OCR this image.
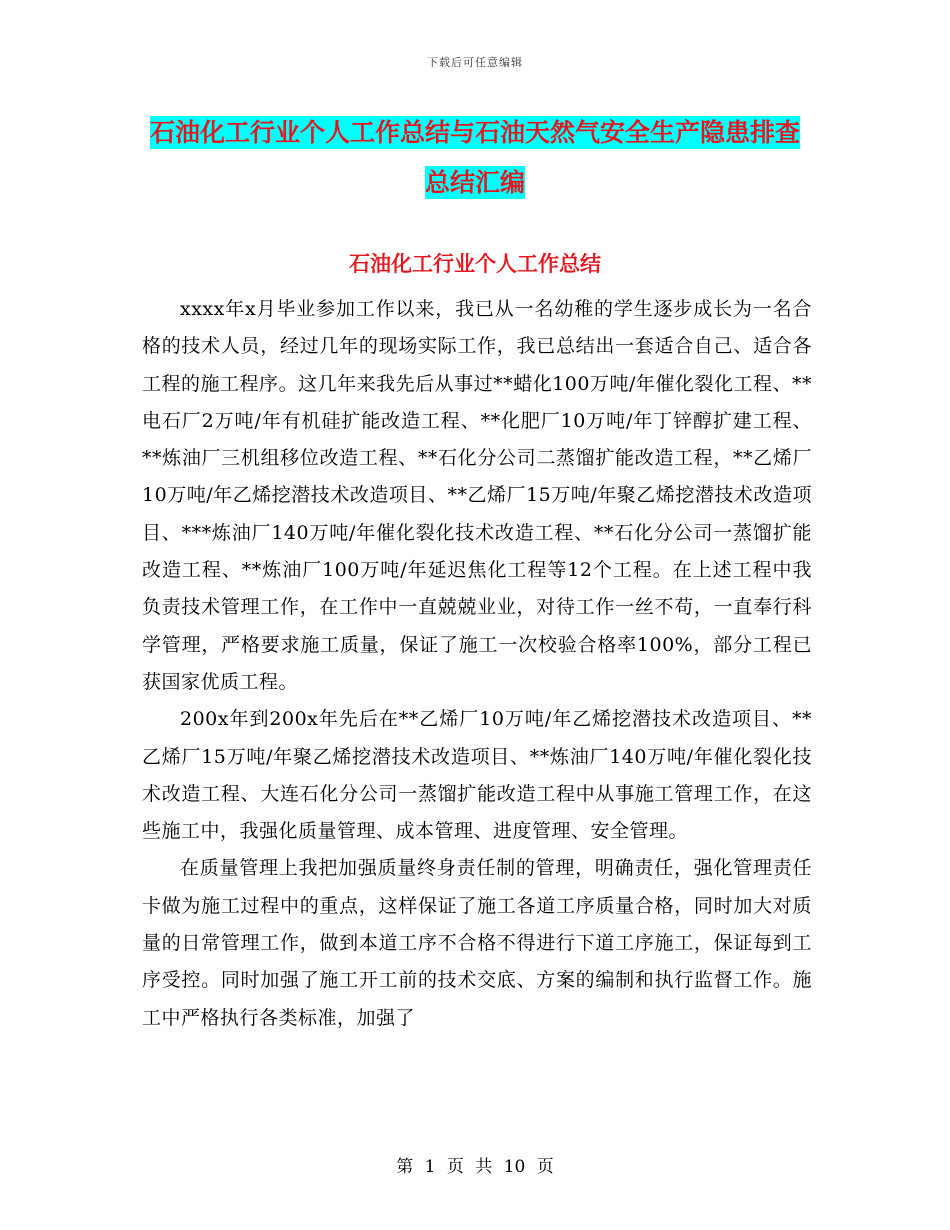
下载后可任意编辑
石油化工行业个人工作总结与石油天然气安全生产隐患排查总结汇编
石油化工行业个人工作总结

xxxx年x月毕业参加工作以来，我已从一名幼稚的学生逐步成长为一名合格的技术人员，经过几年的现场实际工作，我已总结出一套适合自己、适合各工程的施工程序。这几年来我先后从事过**蜡化100万吨/年催化裂化工程、**电石厂2万吨/年有机硅扩能改造工程、**化肥厂10万吨/年丁锌醇扩建工程、**炼油厂三机组移位改造工程、**石化分公司二蒸馏扩能改造工程，**乙烯厂10万吨/年乙烯挖潜技术改造项目、**乙烯厂15万吨/年聚乙烯挖潜技术改造项目、***炼油厂140万吨/年催化裂化技术改造工程、**石化分公司一蒸馏扩能改造工程、**炼油厂100万吨/年延迟焦化工程等12个工程。在上述工程中我负责技术管理工作，在工作中一直兢兢业业，对待工作一丝不苟，一直奉行科学管理，严格要求施工质量，保证了施工一次校验合格率100%，部分工程已获国家优质工程。

200x年到200x年先后在**乙烯厂10万吨/年乙烯挖潜技术改造项目、**乙烯厂15万吨/年聚乙烯挖潜技术改造项目、**炼油厂140万吨/年催化裂化技术改造工程、大连石化分公司一蒸馏扩能改造工程中从事施工管理工作，在这些施工中，我强化质量管理、成本管理、进度管理、安全管理。

在质量管理上我把加强质量终身责任制的管理，明确责任，强化管理责任卡做为施工过程中的重点，这样保证了施工各道工序质量合格，同时加大对质量的日常管理工作，做到本道工序不合格不得进行下道工序施工，保证每到工序受控。同时加强了施工开工前的技术交底、方案的编制和执行监督工作。施工中严格执行各类标准，加强了

第 1 页 共 10 页
